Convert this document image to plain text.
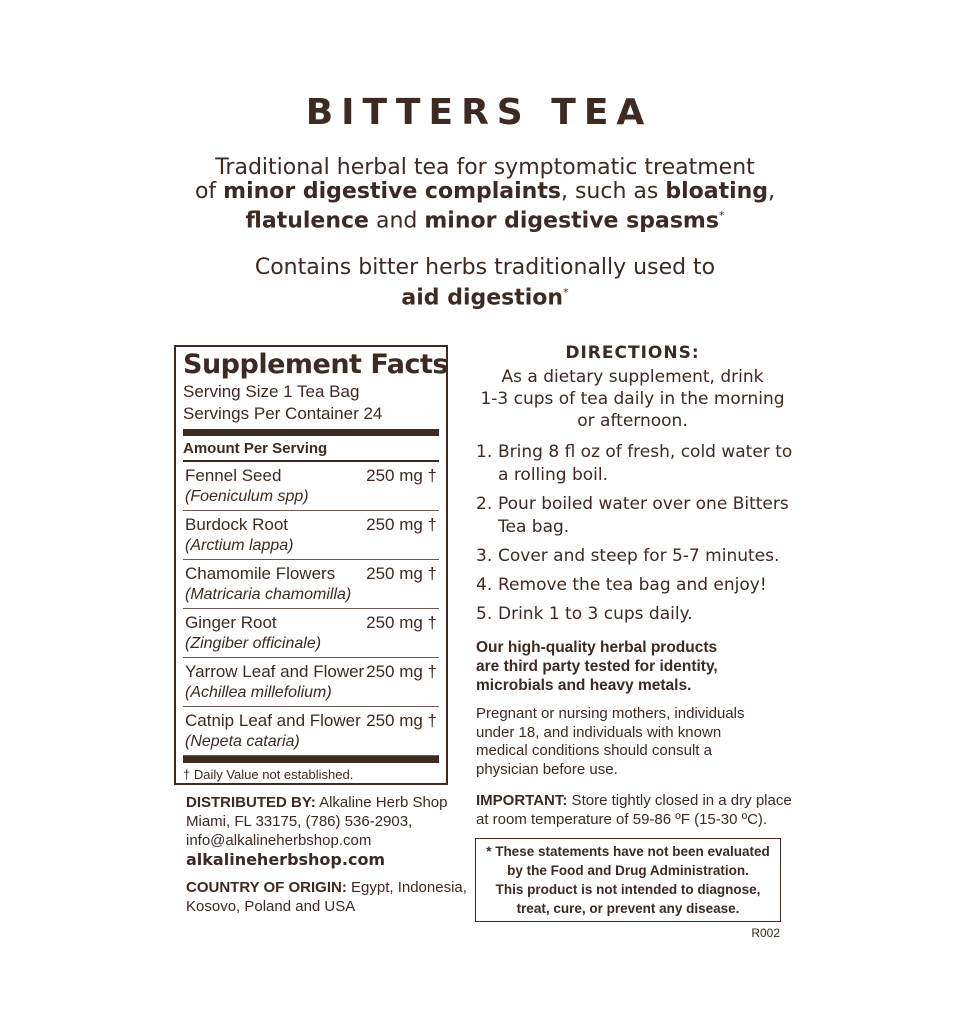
BITTERS TEA
Traditional herbal tea for symptomatic treatment
of minor digestive complaints, such as bloating,
flatulence and minor digestive spasms*
Contains bitter herbs traditionally used to
aid digestion*
Supplement Facts
Serving Size 1 Tea Bag
Servings Per Container 24
Amount Per Serving
Fennel Seed
(Foeniculum spp)
250 mg †
Burdock Root
(Arctium lappa)
250 mg †
Chamomile Flowers
(Matricaria chamomilla)
250 mg †
Ginger Root
(Zingiber officinale)
250 mg †
Yarrow Leaf and Flower
(Achillea millefolium)
250 mg †
Catnip Leaf and Flower
(Nepeta cataria)
250 mg †
† Daily Value not established.
DISTRIBUTED BY: Alkaline Herb Shop
Miami, FL 33175, (786) 536-2903,
info@alkalineherbshop.com
alkalineherbshop.com
COUNTRY OF ORIGIN: Egypt, Indonesia,
Kosovo, Poland and USA
DIRECTIONS:
As a dietary supplement, drink
1-3 cups of tea daily in the morning
or afternoon.
1. Bring 8 fl oz of fresh, cold water to
a rolling boil.
2. Pour boiled water over one Bitters
Tea bag.
3. Cover and steep for 5-7 minutes.
4. Remove the tea bag and enjoy!
5. Drink 1 to 3 cups daily.
Our high-quality herbal products
are third party tested for identity,
microbials and heavy metals.
Pregnant or nursing mothers, individuals
under 18, and individuals with known
medical conditions should consult a
physician before use.
IMPORTANT: Store tightly closed in a dry place
at room temperature of 59-86 ºF (15-30 ºC).
* These statements have not been evaluated
by the Food and Drug Administration.
This product is not intended to diagnose,
treat, cure, or prevent any disease.
R002
